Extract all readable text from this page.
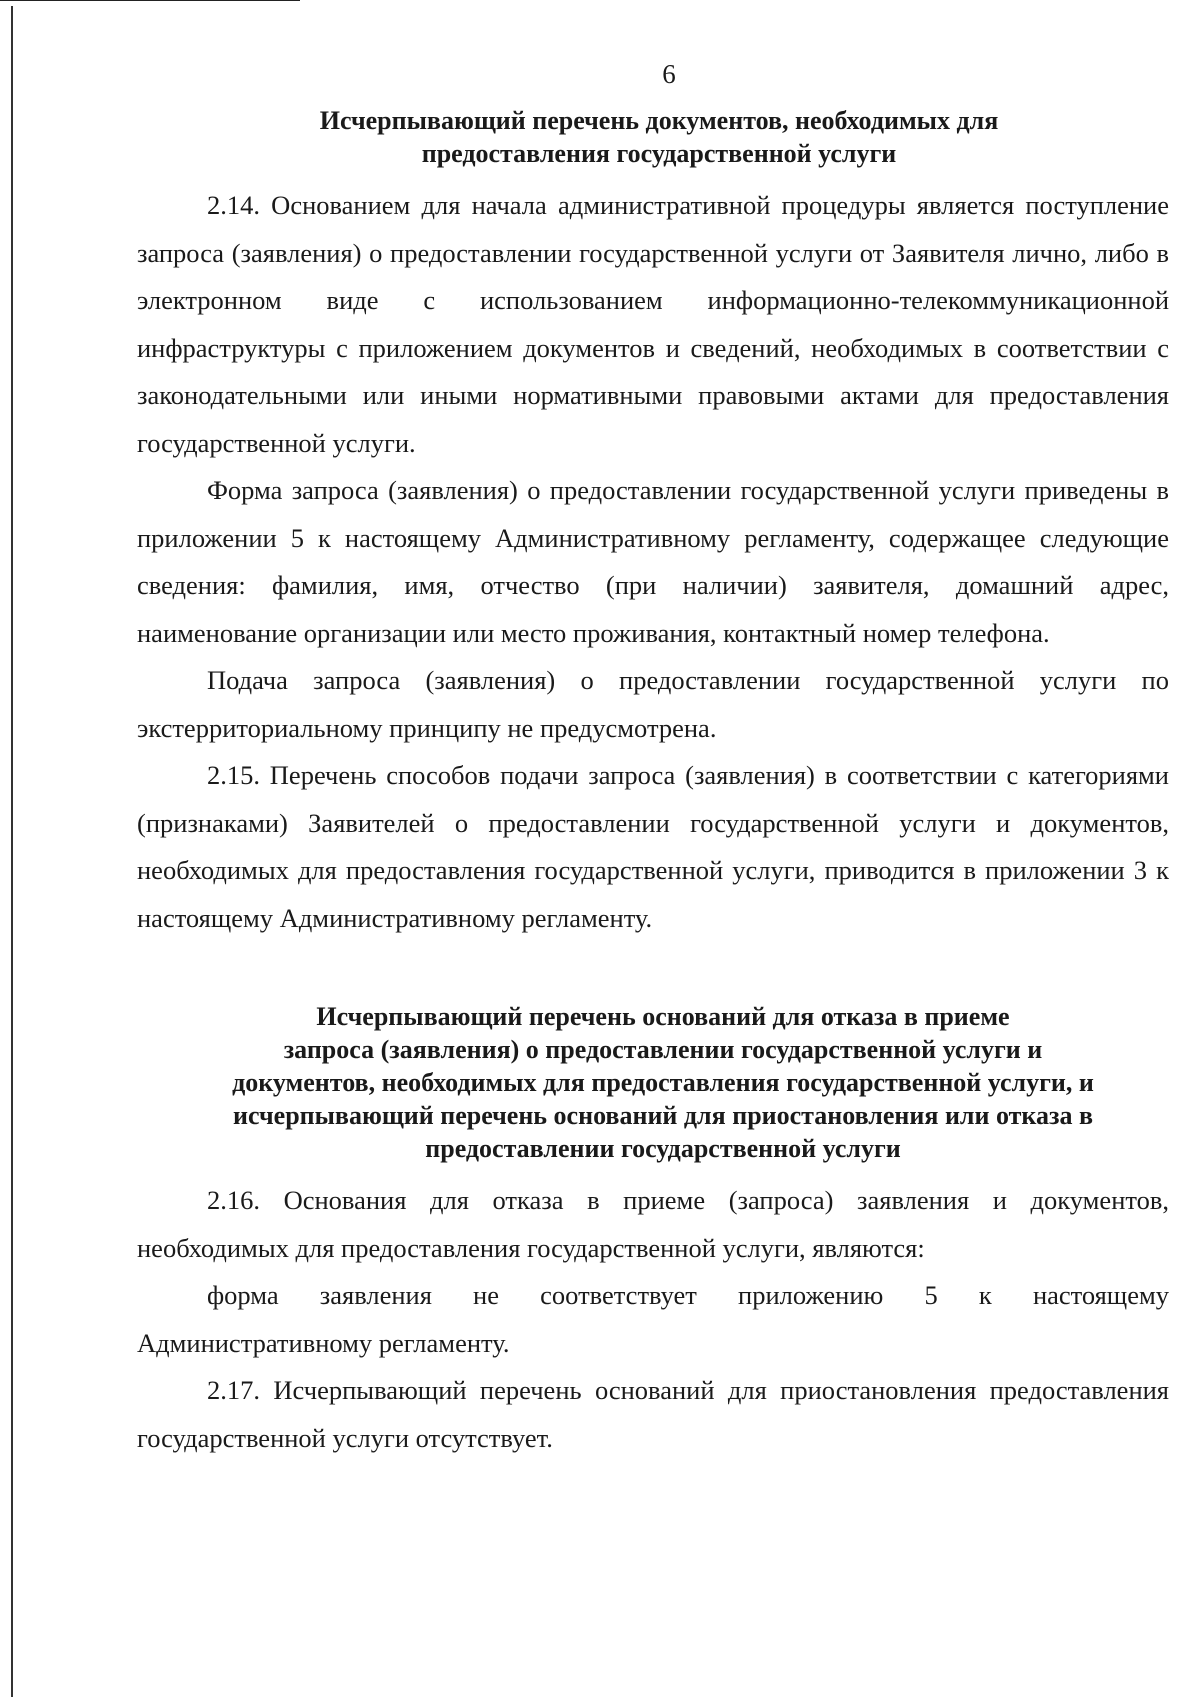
6
Исчерпывающий перечень документов, необходимых для
предоставления государственной услуги

2.14. Основанием для начала административной процедуры является поступление запроса (заявления) о предоставлении государственной услуги от Заявителя лично, либо в электронном виде с использованием информационно-телекоммуникационной инфраструктуры с приложением документов и сведений, необходимых в соответствии с законодательными или иными нормативными правовыми актами для предоставления государственной услуги.

Форма запроса (заявления) о предоставлении государственной услуги приведены в приложении 5 к настоящему Административному регламенту, содержащее следующие сведения: фамилия, имя, отчество (при наличии) заявителя, домашний адрес, наименование организации или место проживания, контактный номер телефона.

Подача запроса (заявления) о предоставлении государственной услуги по экстерриториальному принципу не предусмотрена.

2.15. Перечень способов подачи запроса (заявления) в соответствии с категориями (признаками) Заявителей о предоставлении государственной услуги и документов, необходимых для предоставления государственной услуги, приводится в приложении 3 к настоящему Административному регламенту.

Исчерпывающий перечень оснований для отказа в приеме
запроса (заявления) о предоставлении государственной услуги и
документов, необходимых для предоставления государственной услуги, и
исчерпывающий перечень оснований для приостановления или отказа в
предоставлении государственной услуги

2.16. Основания для отказа в приеме (запроса) заявления и документов, необходимых для предоставления государственной услуги, являются:

форма заявления не соответствует приложению 5 к настоящему Административному регламенту.

2.17. Исчерпывающий перечень оснований для приостановления предоставления государственной услуги отсутствует.
